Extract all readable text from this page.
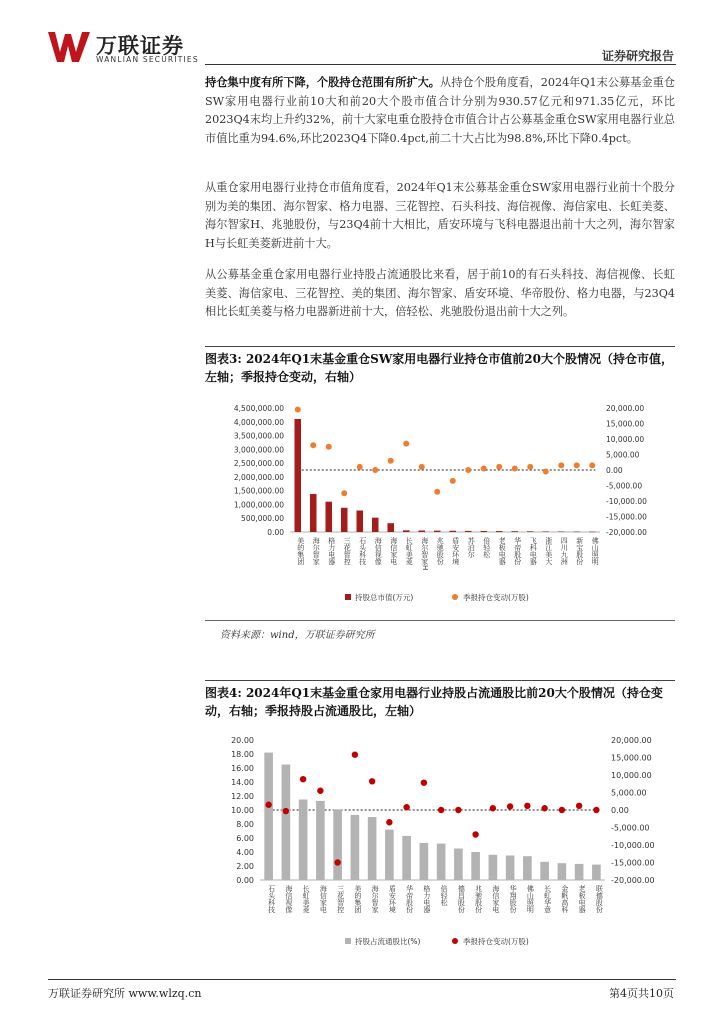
万联证券
WANLIAN SECURITIES	证券研究报告
持仓集中度有所下降，个股持仓范围有所扩大。从持仓个股角度看，2024年Q1末公募基金重仓SW家用电器行业前10大和前20大个股市值合计分别为930.57亿元和971.35亿元，环比2023Q4末均上升约32%，前十大家电重仓股持仓市值合计占公募基金重仓SW家用电器行业总市值比重为94.6%,环比2023Q4下降0.4pct,前二十大占比为98.8%,环比下降0.4pct。
从重仓家用电器行业持仓市值角度看，2024年Q1末公募基金重仓SW家用电器行业前十个股分别为美的集团、海尔智家、格力电器、三花智控、石头科技、海信视像、海信家电、长虹美菱、海尔智家H、兆驰股份，与23Q4前十大相比，盾安环境与飞科电器退出前十大之列，海尔智家H与长虹美菱新进前十大。
从公募基金重仓家用电器行业持股占流通股比来看，居于前10的有石头科技、海信视像、长虹美菱、海信家电、三花智控、美的集团、海尔智家、盾安环境、华帝股份、格力电器，与23Q4相比长虹美菱与格力电器新进前十大，倍轻松、兆驰股份退出前十大之列。
图表3: 2024年Q1末基金重仓SW家用电器行业持仓市值前20大个股情况（持仓市值，左轴；季报持仓变动，右轴）
4,500,000.00
4,000,000.00
3,500,000.00
3,000,000.00
2,500,000.00
2,000,000.00
1,500,000.00
1,000,000.00
500,000.00
0.00
20,000.00
15,000.00
10,000.00
5,000.00
0.00
-5,000.00
-10,000.00
-15,000.00
-20,000.00
美的集团 海尔智家 格力电器 三花智控 石头科技 海信视像 海信家电 长虹美菱 海尔智家H 兆驰股份 盾安环境 苏泊尔 倍轻松 老板电器 华帝股份 飞科电器 浙江美大 四川九洲 新宝股份 佛山照明
持股总市值(万元)	季报持仓变动(万股)
资料来源：wind，万联证券研究所
图表4: 2024年Q1末基金重仓家用电器行业持股占流通股比前20大个股情况（持仓变动，右轴；季报持股占流通股比，左轴）
20.00
18.00
16.00
14.00
12.00
10.00
8.00
6.00
4.00
2.00
0.00
20,000.00
15,000.00
10,000.00
5,000.00
0.00
-5,000.00
-10,000.00
-15,000.00
-20,000.00
石头科技 海信视像 长虹美菱 海信家电 三花智控 美的集团 海尔智家 盾安环境 华帝股份 格力电器 倍轻松 德昌股份 兆驰股份 海信家电 华翔股份 佛山照明 长虹华意 金帆高科 老板电器 联德股份
持股占流通股比(%)	季报持仓变动(万股)
万联证券研究所 www.wlzq.cn	第4页共10页
